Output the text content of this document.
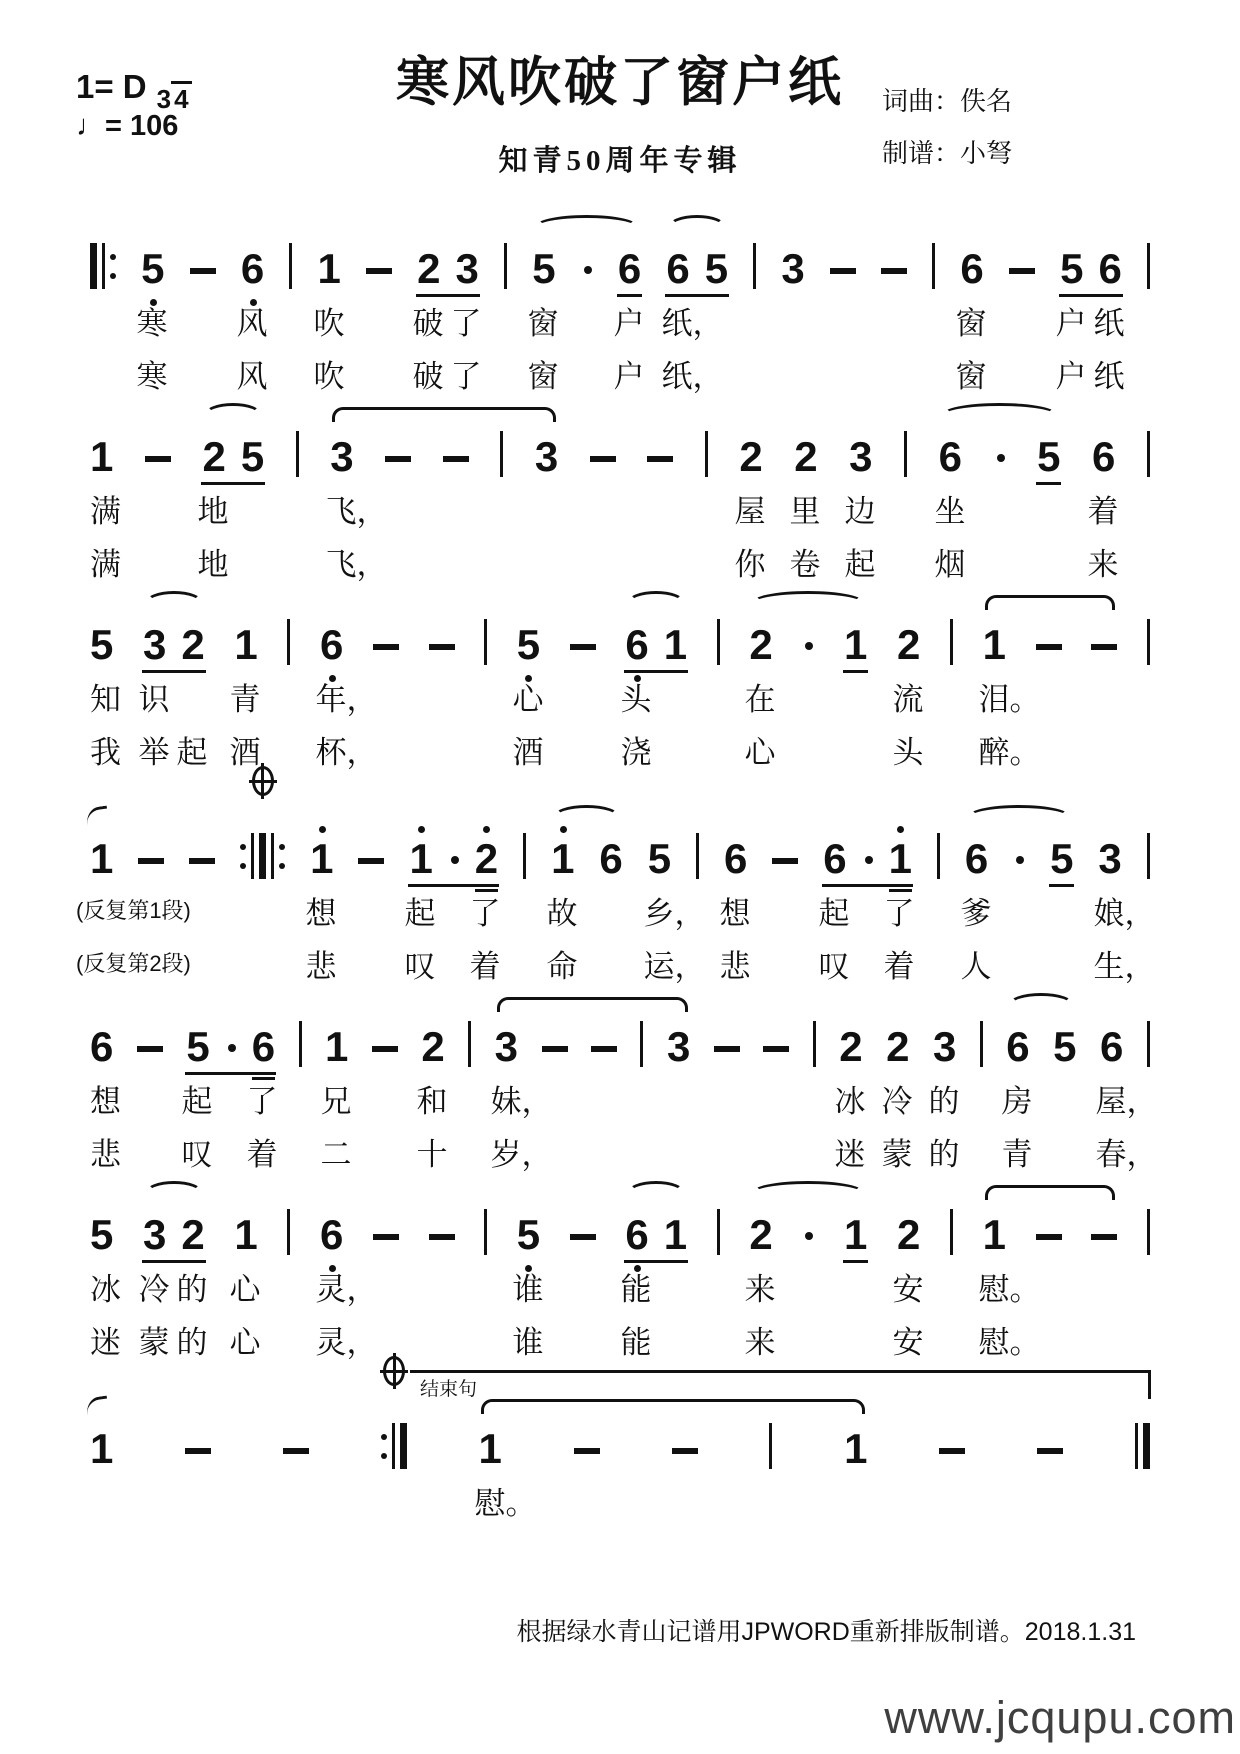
1= D 3 4
♩= 106
寒风吹破了窗户纸
知青50周年专辑
词曲：佚名
制谱：小弩
5 6 1 2 3 5 6 6 5 3	6 5 6
寒 风 吹 破 了 窗 户 纸，	窗 户 纸
寒 风 吹 破 了 窗 户 纸，	窗 户 纸
1 2 5 3	3	2 2 3 6 5 6
满 地	飞，	屋 里 边 坐	着
满 地	飞，	你 卷 起 烟	来
5 3 2 1 6	5 6 1 2 1 2 1
知 识 青 年，	心 头	在	流 泪。
我 举 起 酒 杯，	酒 浇	心	头 醉。
1	1 1 2 1 6 5 6 6 1 6 5 3
(反复第1段)	想 起 了 故 乡， 想 起 了 爹	娘，
(反复第2段)	悲 叹 着 命 运， 悲 叹 着 人	生，
6 5 6 1 2 3	3	2 2 3 6 5 6
想 起 了 兄 和 妹，	冰 冷 的 房 屋，
悲 叹 着 二 十 岁，	迷 蒙 的 青 春，
5 3 2 1 6	5 6 1 2 1 2 1
冰 冷 的 心 灵，	谁 能	来	安 慰。
迷 蒙 的 心 灵，	谁 能	来	安 慰。
1	1	1
结束句
慰。
根据绿水青山记谱用JPWORD重新排版制谱。2018.1.31
www.jcqupu.com
